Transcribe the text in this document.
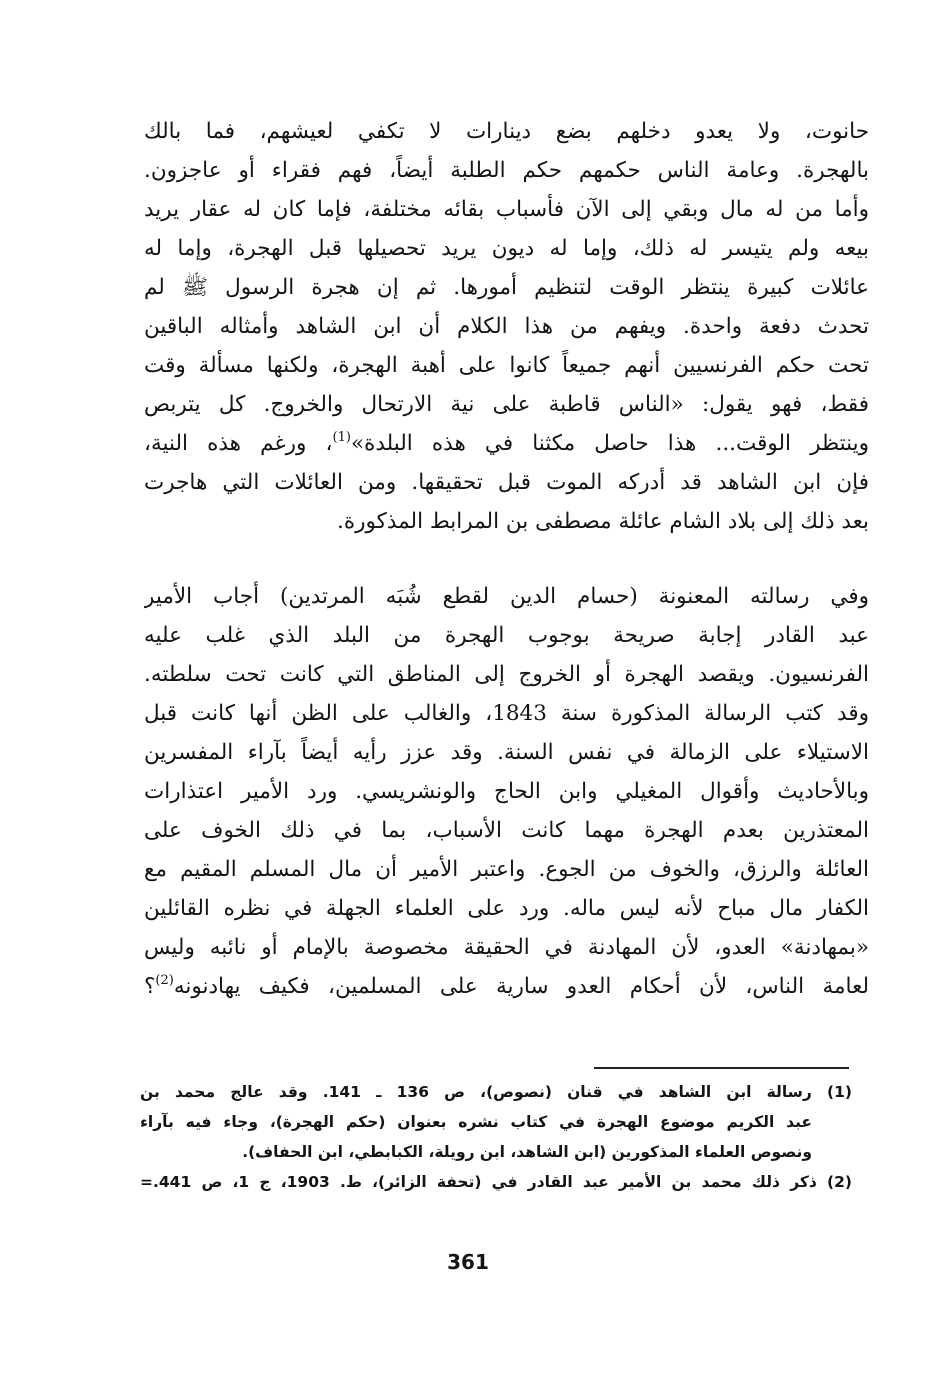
حانوت، ولا يعدو دخلهم بضع دينارات لا تكفي لعيشهم، فما بالك
بالهجرة. وعامة الناس حكمهم حكم الطلبة أيضاً، فهم فقراء أو عاجزون.
وأما من له مال وبقي إلى الآن فأسباب بقائه مختلفة، فإما كان له عقار يريد
بيعه ولم يتيسر له ذلك، وإما له ديون يريد تحصيلها قبل الهجرة، وإما له
عائلات كبيرة ينتظر الوقت لتنظيم أمورها. ثم إن هجرة الرسول ﷺ لم
تحدث دفعة واحدة. ويفهم من هذا الكلام أن ابن الشاهد وأمثاله الباقين
تحت حكم الفرنسيين أنهم جميعاً كانوا على أهبة الهجرة، ولكنها مسألة وقت
فقط، فهو يقول: «الناس قاطبة على نية الارتحال والخروج. كل يتربص
وينتظر الوقت... هذا حاصل مكثنا في هذه البلدة»$^{(1)}$، ورغم هذه النية،
فإن ابن الشاهد قد أدركه الموت قبل تحقيقها. ومن العائلات التي هاجرت
بعد ذلك إلى بلاد الشام عائلة مصطفى بن المرابط المذكورة.
وفي رسالته المعنونة (حسام الدين لقطع شُبَه المرتدين) أجاب الأمير
عبد القادر إجابة صريحة بوجوب الهجرة من البلد الذي غلب عليه
الفرنسيون. ويقصد الهجرة أو الخروج إلى المناطق التي كانت تحت سلطته.
وقد كتب الرسالة المذكورة سنة 1843، والغالب على الظن أنها كانت قبل
الاستيلاء على الزمالة في نفس السنة. وقد عزز رأيه أيضاً بآراء المفسرين
وبالأحاديث وأقوال المغيلي وابن الحاج والونشريسي. ورد الأمير اعتذارات
المعتذرين بعدم الهجرة مهما كانت الأسباب، بما في ذلك الخوف على
العائلة والرزق، والخوف من الجوع. واعتبر الأمير أن مال المسلم المقيم مع
الكفار مال مباح لأنه ليس ماله. ورد على العلماء الجهلة في نظره القائلين
«بمهادنة» العدو، لأن المهادنة في الحقيقة مخصوصة بالإمام أو نائبه وليس
لعامة الناس، لأن أحكام العدو سارية على المسلمين، فكيف يهادنونه$^{(2)}$؟
(1) رسالة ابن الشاهد في قنان (نصوص)، ص 136 ـ 141. وقد عالج محمد بن
عبد الكريم موضوع الهجرة في كتاب نشره بعنوان (حكم الهجرة)، وجاء فيه بآراء
ونصوص العلماء المذكورين (ابن الشاهد، ابن رويلة، الكبابطي، ابن الحفاف).
(2) ذكر ذلك محمد بن الأمير عبد القادر في (تحفة الزائر)، ط. 1903، ج 1، ص 441.=
361
